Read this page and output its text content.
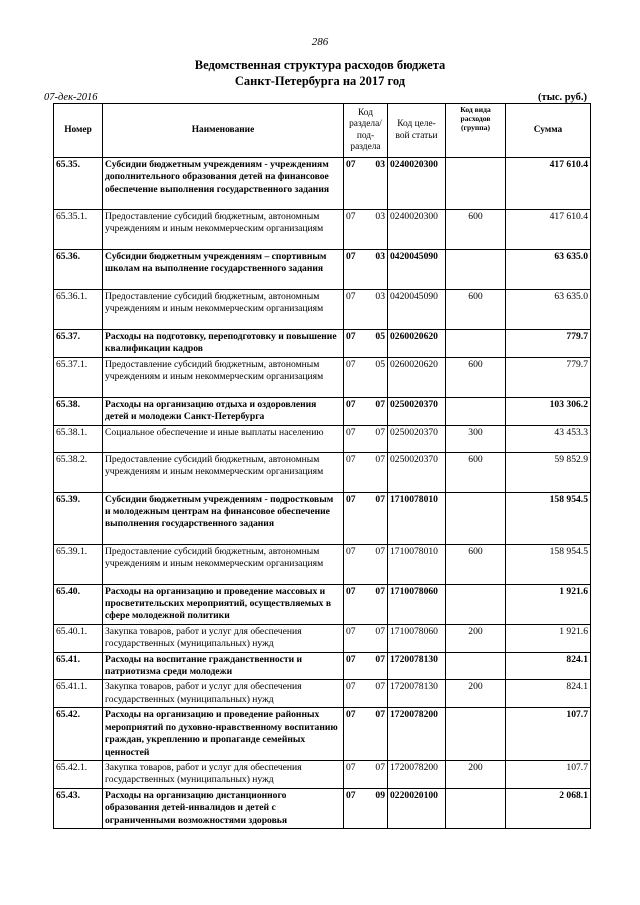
286
Ведомственная структура расходов бюджета
Санкт-Петербурга на 2017 год
07-дек-2016	(тыс. руб.)
Номер	Наименование	Код раздела/ под- раздела		Код целе- вой статьи	Код вида расходов (группа)	Сумма
65.35.	Субсидии бюджетным учреждениям - учреждениям дополнительного образования детей на финансовое обеспечение выполнения государственного задания	07	03	0240020300		417 610.4
65.35.1.	Предоставление субсидий бюджетным, автономным учреждениям и иным некоммерческим организациям	07	03	0240020300	600	417 610.4
65.36.	Субсидии бюджетным учреждениям – спортивным школам на выполнение государственного задания	07	03	0420045090		63 635.0
65.36.1.	Предоставление субсидий бюджетным, автономным учреждениям и иным некоммерческим организациям	07	03	0420045090	600	63 635.0
65.37.	Расходы на подготовку, переподготовку и повышение квалификации кадров	07	05	0260020620		779.7
65.37.1.	Предоставление субсидий бюджетным, автономным учреждениям и иным некоммерческим организациям	07	05	0260020620	600	779.7
65.38.	Расходы на организацию отдыха и оздоровления детей и молодежи Санкт-Петербурга	07	07	0250020370		103 306.2
65.38.1.	Социальное обеспечение и иные выплаты населению	07	07	0250020370	300	43 453.3
65.38.2.	Предоставление субсидий бюджетным, автономным учреждениям и иным некоммерческим организациям	07	07	0250020370	600	59 852.9
65.39.	Субсидии бюджетным учреждениям - подростковым и молодежным центрам на финансовое обеспечение выполнения государственного задания	07	07	1710078010		158 954.5
65.39.1.	Предоставление субсидий бюджетным, автономным учреждениям и иным некоммерческим организациям	07	07	1710078010	600	158 954.5
65.40.	Расходы на организацию и проведение массовых и просветительских мероприятий, осуществляемых в сфере молодежной политики	07	07	1710078060		1 921.6
65.40.1.	Закупка товаров, работ и услуг для обеспечения государственных (муниципальных) нужд	07	07	1710078060	200	1 921.6
65.41.	Расходы на воспитание гражданственности и патриотизма среди молодежи	07	07	1720078130		824.1
65.41.1.	Закупка товаров, работ и услуг для обеспечения государственных (муниципальных) нужд	07	07	1720078130	200	824.1
65.42.	Расходы на организацию и проведение районных мероприятий по духовно-нравственному воспитанию граждан, укреплению и пропаганде семейных ценностей	07	07	1720078200		107.7
65.42.1.	Закупка товаров, работ и услуг для обеспечения государственных (муниципальных) нужд	07	07	1720078200	200	107.7
65.43.	Расходы на организацию дистанционного образования детей-инвалидов и детей с ограниченными возможностями здоровья	07	09	0220020100		2 068.1
